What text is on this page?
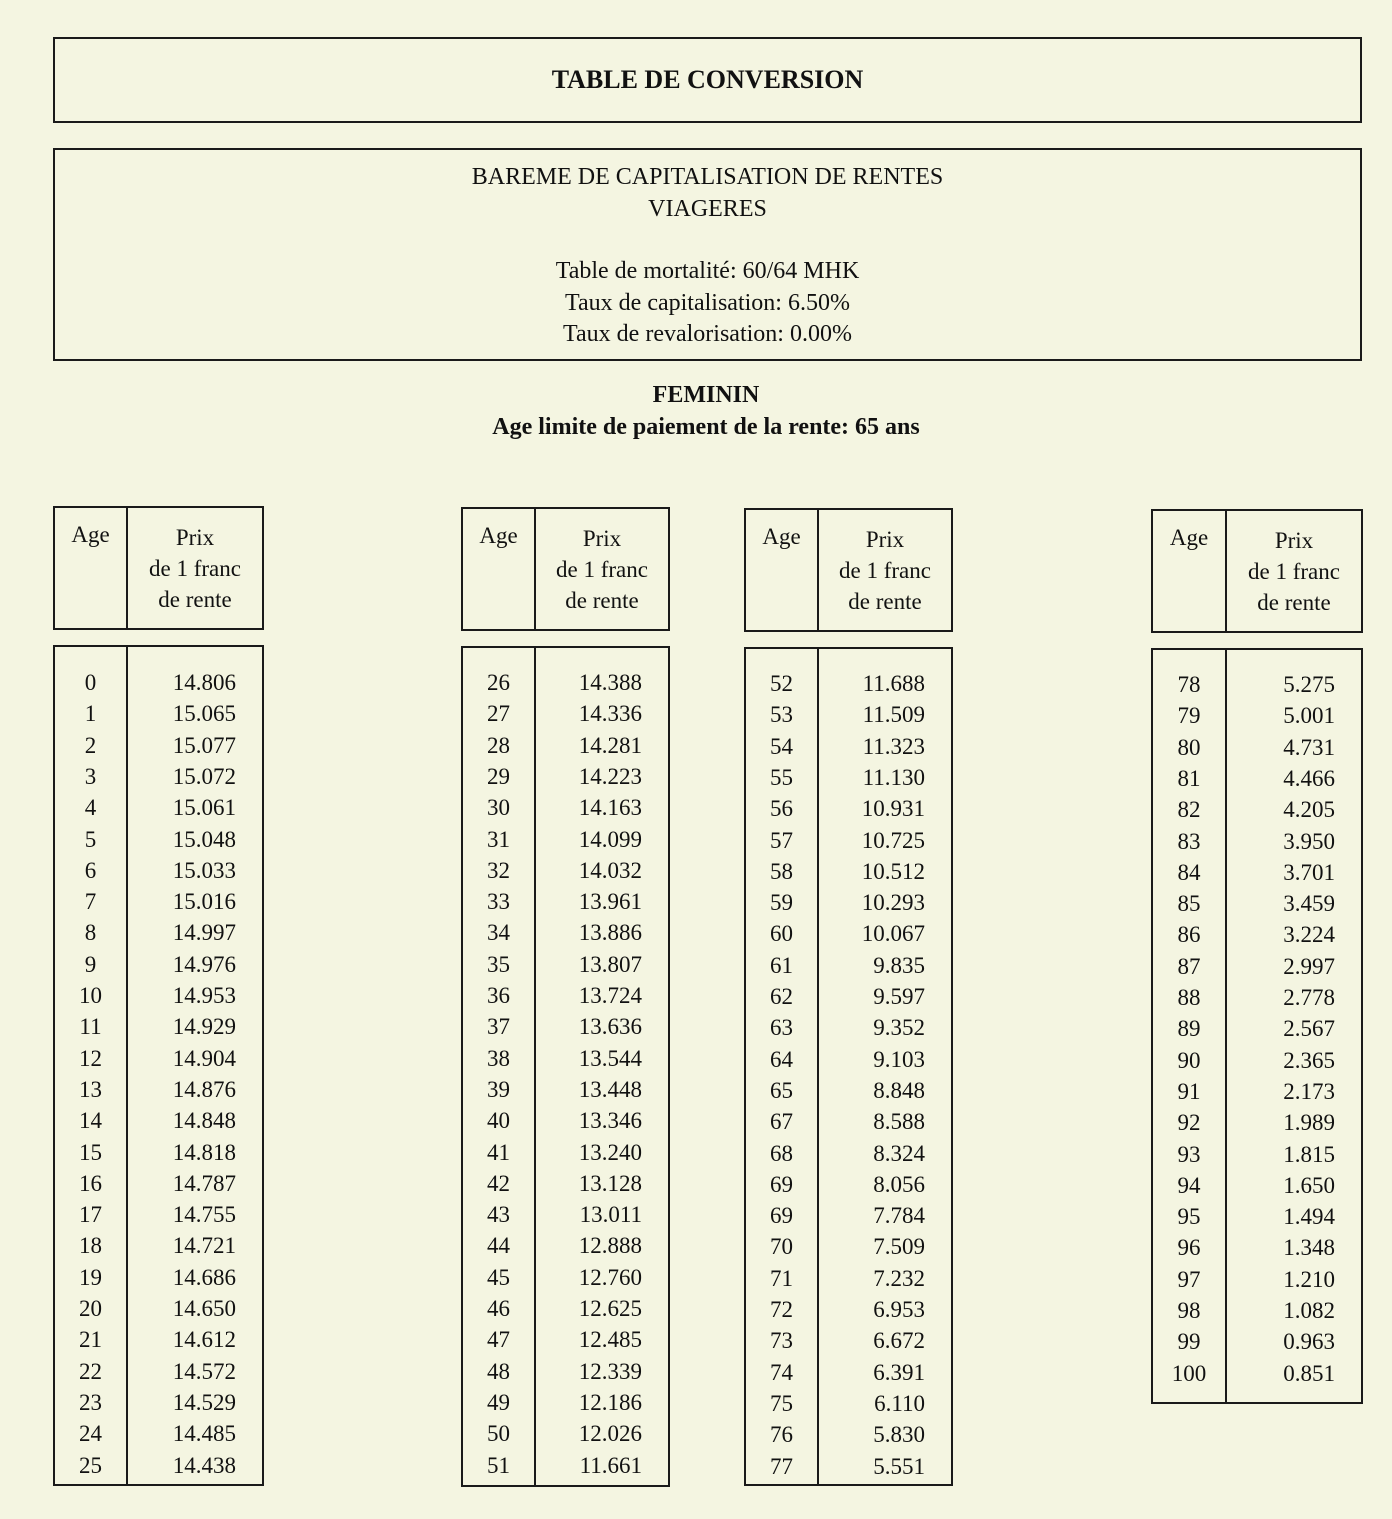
TABLE DE CONVERSION
BAREME DE CAPITALISATION DE RENTES
VIAGERES
Table de mortalité: 60/64 MHK
Taux de capitalisation: 6.50%
Taux de revalorisation: 0.00%
FEMININ
Age limite de paiement de la rente: 65 ans
Age	Prix
de 1 franc
de rente
0	14.806
1	15.065
2	15.077
3	15.072
4	15.061
5	15.048
6	15.033
7	15.016
8	14.997
9	14.976
10	14.953
11	14.929
12	14.904
13	14.876
14	14.848
15	14.818
16	14.787
17	14.755
18	14.721
19	14.686
20	14.650
21	14.612
22	14.572
23	14.529
24	14.485
25	14.438
Age	Prix
de 1 franc
de rente
26	14.388
27	14.336
28	14.281
29	14.223
30	14.163
31	14.099
32	14.032
33	13.961
34	13.886
35	13.807
36	13.724
37	13.636
38	13.544
39	13.448
40	13.346
41	13.240
42	13.128
43	13.011
44	12.888
45	12.760
46	12.625
47	12.485
48	12.339
49	12.186
50	12.026
51	11.661
Age	Prix
de 1 franc
de rente
52	11.688
53	11.509
54	11.323
55	11.130
56	10.931
57	10.725
58	10.512
59	10.293
60	10.067
61	9.835
62	9.597
63	9.352
64	9.103
65	8.848
67	8.588
68	8.324
69	8.056
69	7.784
70	7.509
71	7.232
72	6.953
73	6.672
74	6.391
75	6.110
76	5.830
77	5.551
Age	Prix
de 1 franc
de rente
78	5.275
79	5.001
80	4.731
81	4.466
82	4.205
83	3.950
84	3.701
85	3.459
86	3.224
87	2.997
88	2.778
89	2.567
90	2.365
91	2.173
92	1.989
93	1.815
94	1.650
95	1.494
96	1.348
97	1.210
98	1.082
99	0.963
100	0.851
